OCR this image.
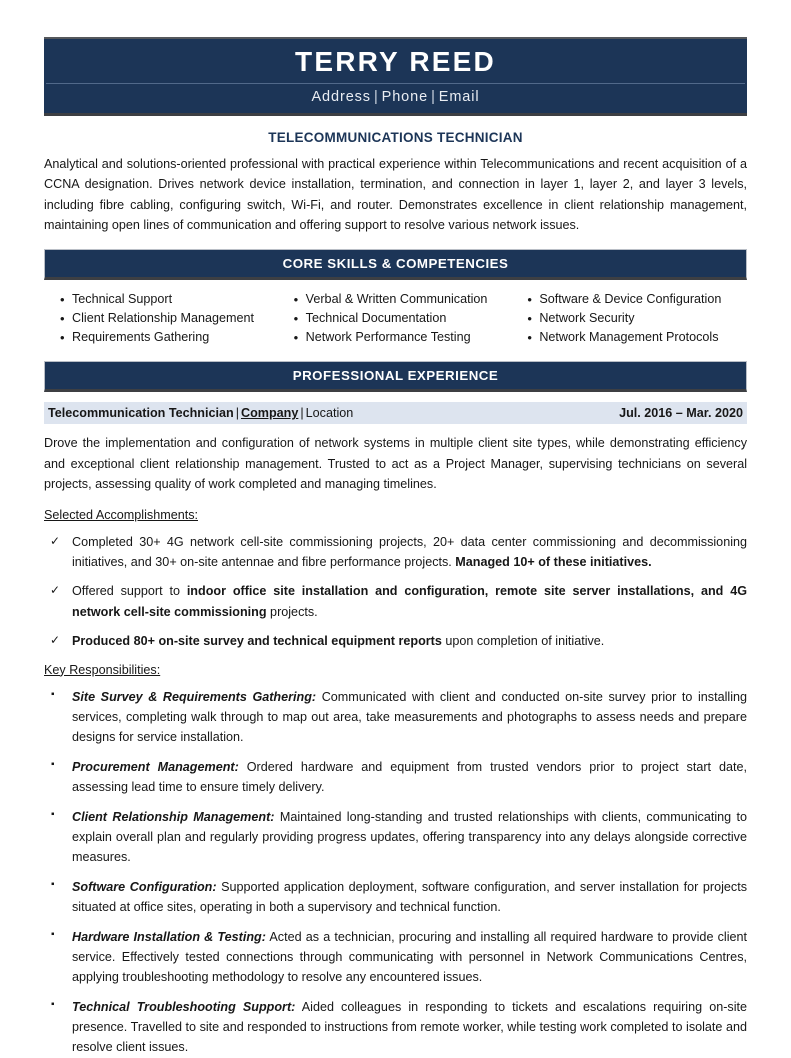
TERRY REED
Address | Phone | Email
TELECOMMUNICATIONS TECHNICIAN

Analytical and solutions-oriented professional with practical experience within Telecommunications and recent acquisition of a CCNA designation. Drives network device installation, termination, and connection in layer 1, layer 2, and layer 3 levels, including fibre cabling, configuring switch, Wi-Fi, and router. Demonstrates excellence in client relationship management, maintaining open lines of communication and offering support to resolve various network issues.

CORE SKILLS & COMPETENCIES
• Technical Support
• Client Relationship Management
• Requirements Gathering
• Verbal & Written Communication
• Technical Documentation
• Network Performance Testing
• Software & Device Configuration
• Network Security
• Network Management Protocols
PROFESSIONAL EXPERIENCE
Telecommunication Technician | Company | Location	Jul. 2016 – Mar. 2020

Drove the implementation and configuration of network systems in multiple client site types, while demonstrating efficiency and exceptional client relationship management. Trusted to act as a Project Manager, supervising technicians on several projects, assessing quality of work completed and managing timelines.

Selected Accomplishments:
✓ Completed 30+ 4G network cell-site commissioning projects, 20+ data center commissioning and decommissioning initiatives, and 30+ on-site antennae and fibre performance projects. Managed 10+ of these initiatives.
✓ Offered support to indoor office site installation and configuration, remote site server installations, and 4G network cell-site commissioning projects.
✓ Produced 80+ on-site survey and technical equipment reports upon completion of initiative.
Key Responsibilities:
▪	Site Survey & Requirements Gathering: Communicated with client and conducted on-site survey prior to installing services, completing walk through to map out area, take measurements and photographs to assess needs and prepare designs for service installation.
▪	Procurement Management: Ordered hardware and equipment from trusted vendors prior to project start date, assessing lead time to ensure timely delivery.
▪	Client Relationship Management: Maintained long-standing and trusted relationships with clients, communicating to explain overall plan and regularly providing progress updates, offering transparency into any delays alongside corrective measures.
▪	Software Configuration: Supported application deployment, software configuration, and server installation for projects situated at office sites, operating in both a supervisory and technical function.
▪	Hardware Installation & Testing: Acted as a technician, procuring and installing all required hardware to provide client service. Effectively tested connections through communicating with personnel in Network Communications Centres, applying troubleshooting methodology to resolve any encountered issues.
▪	Technical Troubleshooting Support: Aided colleagues in responding to tickets and escalations requiring on-site presence. Travelled to site and responded to instructions from remote worker, while testing work completed to isolate and resolve client issues.
